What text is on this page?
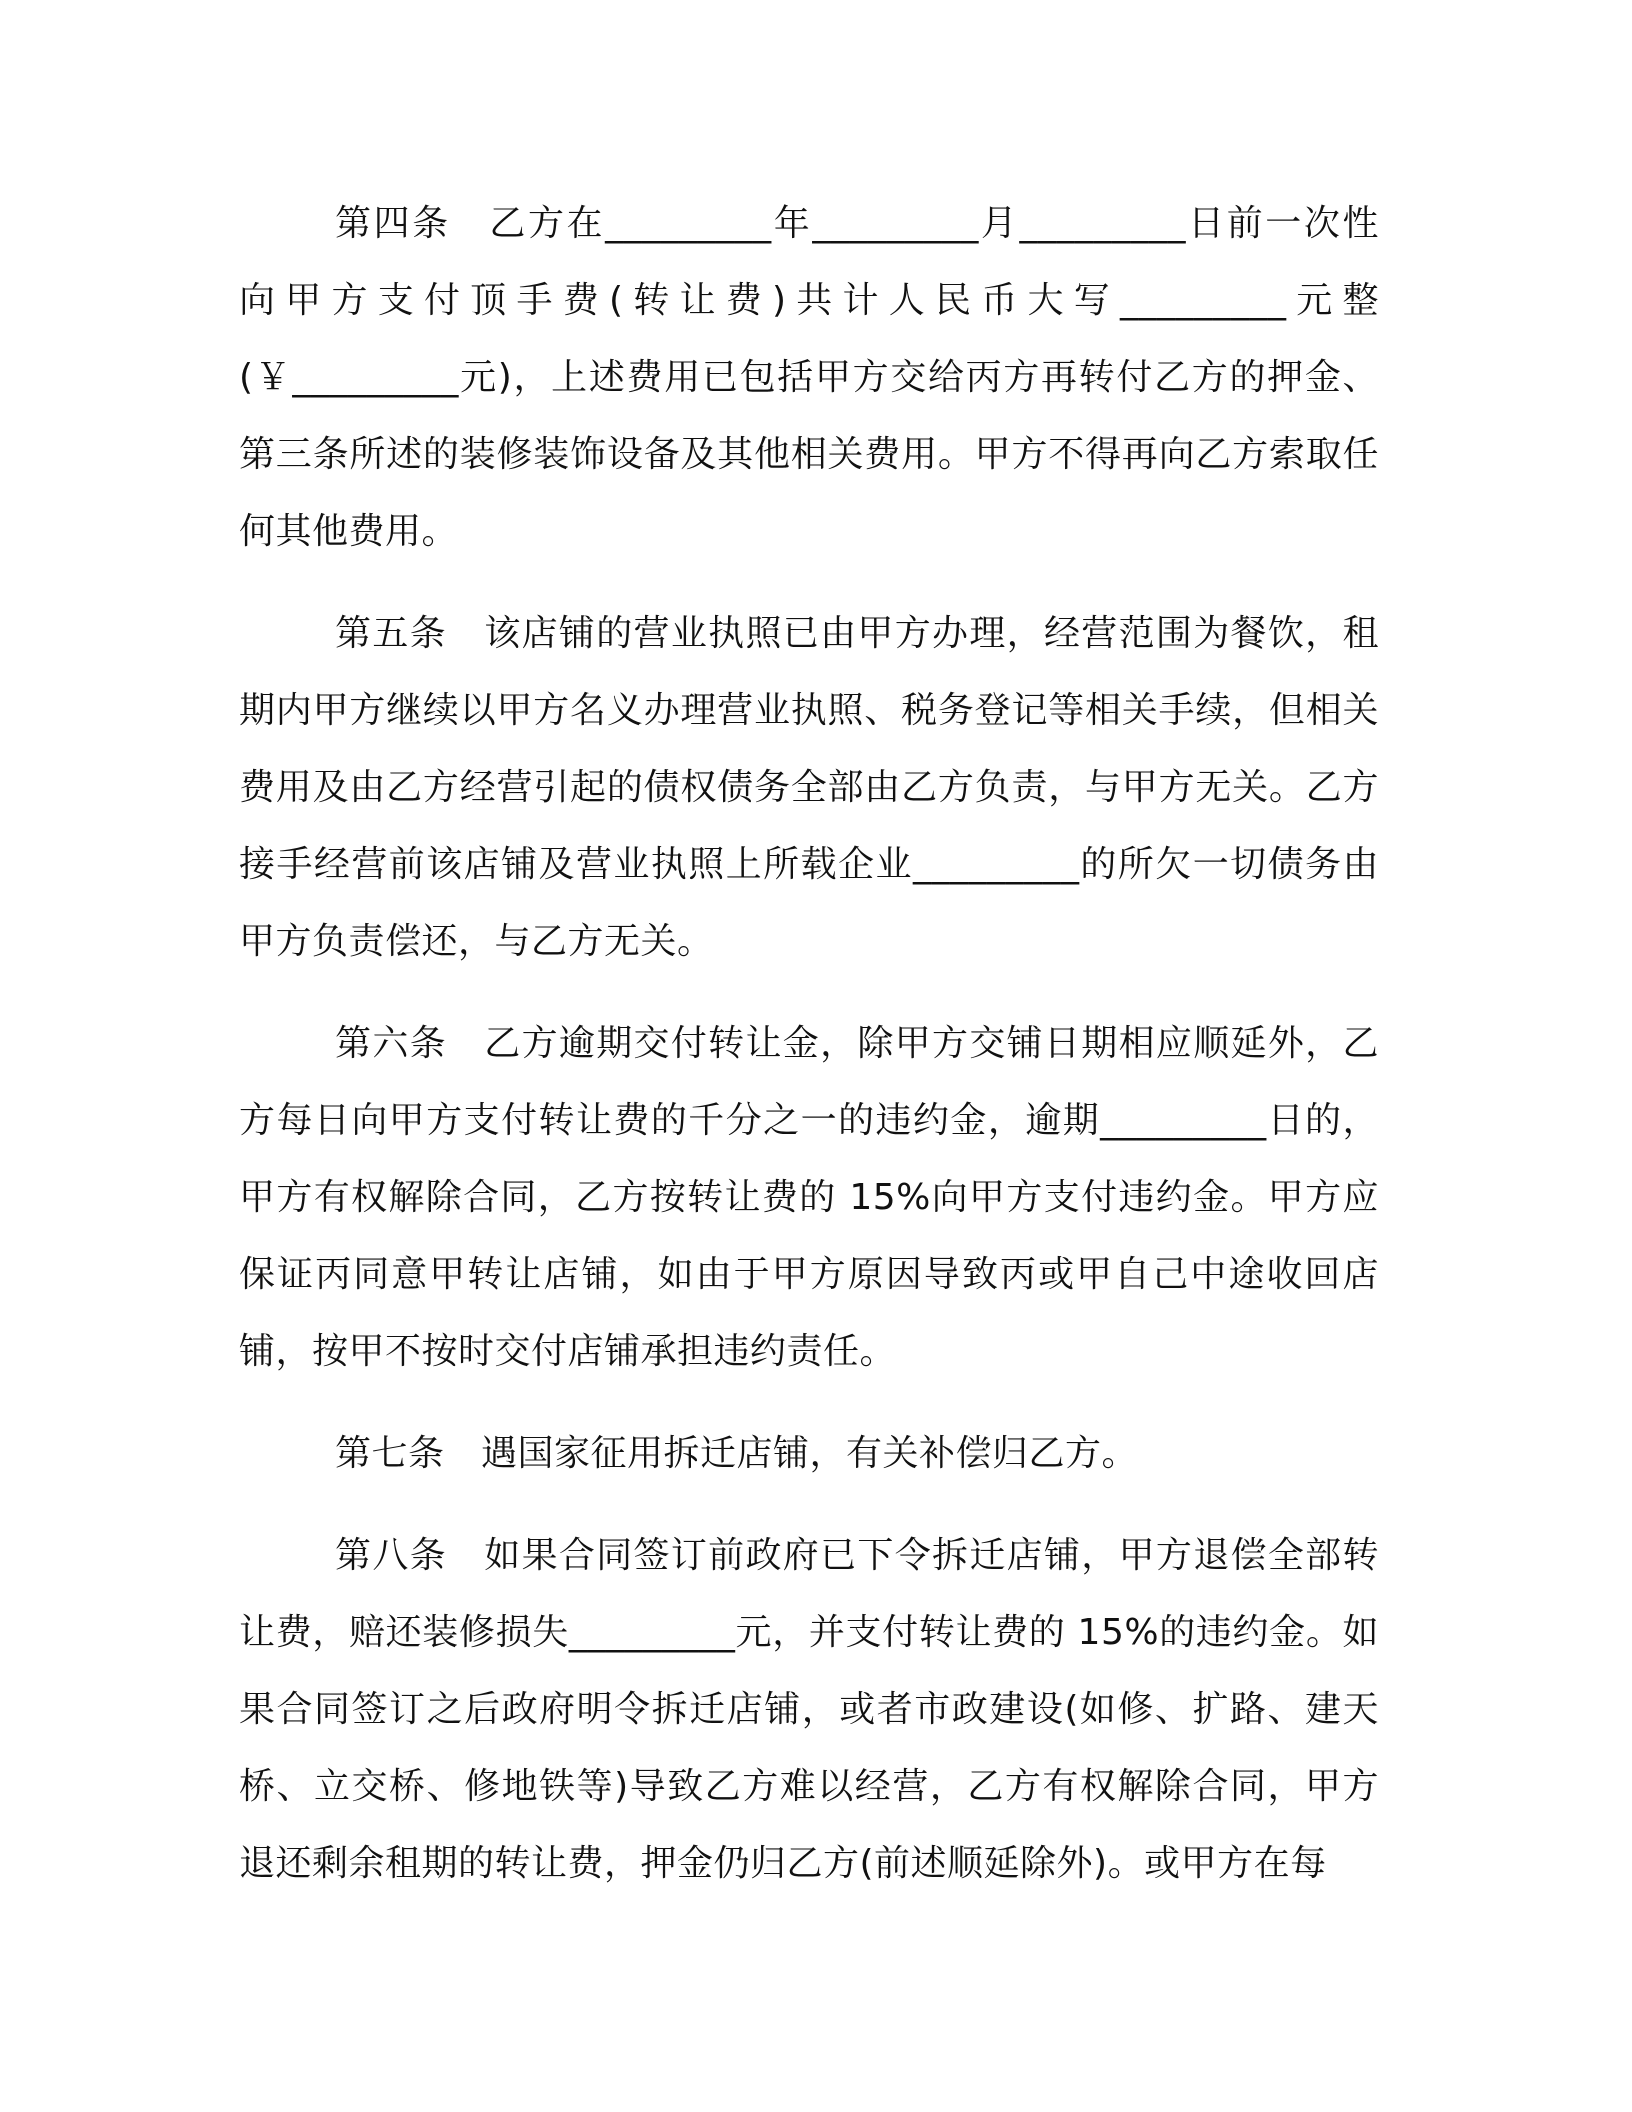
第四条　乙方在_________年_________月_________日前一次性向甲方支付顶手费(转让费)共计人民币大写_________元整(￥_________元)，上述费用已包括甲方交给丙方再转付乙方的押金、第三条所述的装修装饰设备及其他相关费用。甲方不得再向乙方索取任何其他费用。

第五条　该店铺的营业执照已由甲方办理，经营范围为餐饮，租期内甲方继续以甲方名义办理营业执照、税务登记等相关手续，但相关费用及由乙方经营引起的债权债务全部由乙方负责，与甲方无关。乙方接手经营前该店铺及营业执照上所载企业_________的所欠一切债务由甲方负责偿还，与乙方无关。

第六条　乙方逾期交付转让金，除甲方交铺日期相应顺延外，乙方每日向甲方支付转让费的千分之一的违约金，逾期_________日的，甲方有权解除合同，乙方按转让费的 15%向甲方支付违约金。甲方应保证丙同意甲转让店铺，如由于甲方原因导致丙或甲自己中途收回店铺，按甲不按时交付店铺承担违约责任。

第七条　遇国家征用拆迁店铺，有关补偿归乙方。

第八条　如果合同签订前政府已下令拆迁店铺，甲方退偿全部转让费，赔还装修损失_________元，并支付转让费的 15%的违约金。如果合同签订之后政府明令拆迁店铺，或者市政建设(如修、扩路、建天桥、立交桥、修地铁等)导致乙方难以经营，乙方有权解除合同，甲方退还剩余租期的转让费，押金仍归乙方(前述顺延除外)。或甲方在每
